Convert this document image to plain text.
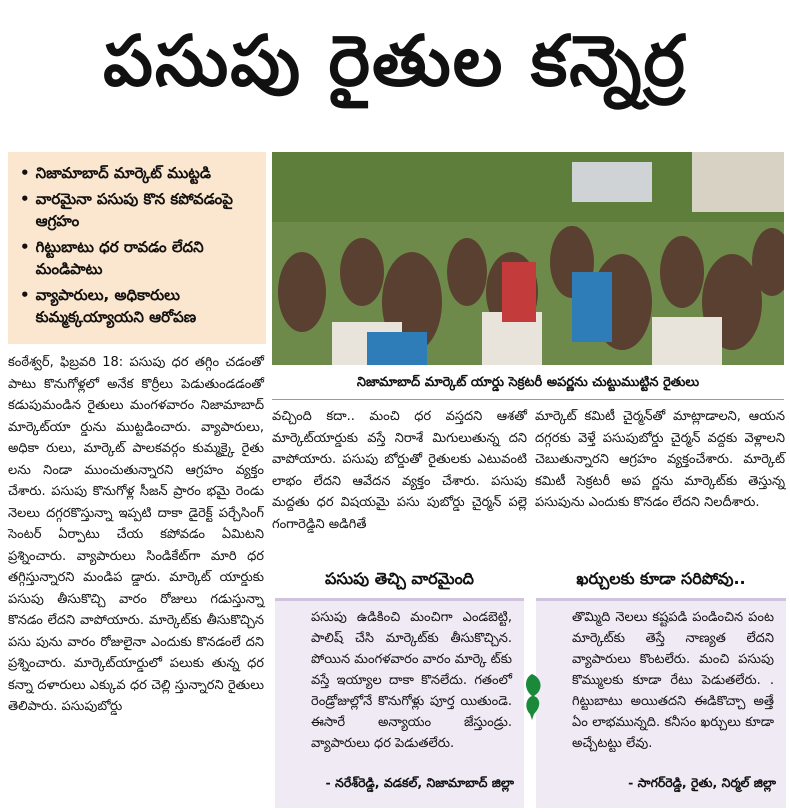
పసుపు రైతుల కన్నెర్ర
• నిజామాబాద్ మార్కెట్ ముట్టడి
• వారమైనా పసుపు కొన కపోవడంపై ఆగ్రహం
• గిట్టుబాటు ధర రావడం లేదని మండిపాటు
• వ్యాపారులు, అధికారులు కుమ్మక్కయ్యాయని ఆరోపణ
నిజామాబాద్ మార్కెట్ యార్డు సెక్రటరీ అపర్ణను చుట్టుముట్టిన రైతులు

కంఠేశ్వర్, ఫిబ్రవరి 18: పసుపు ధర తగ్గిం చడంతో పాటు కొనుగోళ్లలో అనేక కొర్రీలు పెడుతుండడంతో కడుపుమండిన రైతులు మంగళవారం నిజామాబాద్ మార్కెట్‌యా ర్డును ముట్టడించారు. వ్యాపారులు, అధికా రులు, మార్కెట్ పాలకవర్గం కుమ్మక్కై రైతు లను నిండా ముంచుతున్నారని ఆగ్రహం వ్యక్తం చేశారు. పసుపు కొనుగోళ్ల సీజన్ ప్రారం భమై రెండు నెలలు దగ్గరకొస్తున్నా ఇప్పటి దాకా డైరెక్ట్ పర్చేసింగ్ సెంటర్ ఏర్పాటు చేయ కపోవడం ఏమిటని ప్రశ్నించారు. వ్యాపారులు సిండికేట్‌గా మారి ధర తగ్గిస్తున్నారని మండిప డ్డారు. మార్కెట్ యార్డుకు పసుపు తీసుకొచ్చి వారం రోజులు గడుస్తున్నా కొనడం లేదని వాపోయారు. మార్కెట్‌కు తీసుకొచ్చిన పసు పును వారం రోజులైనా ఎందుకు కొనడంలే దని ప్రశ్నించారు. మార్కెట్‌యార్డులో పలుకు తున్న ధర కన్నా దళారులు ఎక్కువ ధర చెల్లి స్తున్నారని రైతులు తెలిపారు. పసుపుబోర్డు

వచ్చింది కదా.. మంచి ధర వస్తదని ఆశతో మార్కెట్‌యార్డుకు వస్తే నిరాశే మిగులుతున్న దని వాపోయారు. పసుపు బోర్డుతో రైతులకు ఎటువంటి లాభం లేదని ఆవేదన వ్యక్తం చేశారు. పసుపు మద్దతు ధర విషయమై పసు పుబోర్డు చైర్మన్ పల్లె గంగారెడ్డిని అడిగితే

మార్కెట్ కమిటీ చైర్మన్‌తో మాట్లాడాలని, ఆయన దగ్గరకు వెళ్తే పసుపుబోర్డు చైర్మన్ వద్దకు వెళ్లాలని చెబుతున్నారని ఆగ్రహం వ్యక్తంచేశారు. మార్కెట్ కమిటీ సెక్రటరీ అప ర్ణను మార్కెట్‌కు తెస్తున్న పసుపును ఎందుకు కొనడం లేదని నిలదీశారు.

పసుపు తెచ్చి వారమైంది
పసుపు ఉడికించి మంచిగా ఎండబెట్టి, పాలిష్ చేసి మార్కెట్‌కు తీసుకొచ్చిన. పోయిన మంగళవారం వారం మార్కె ట్‌కు వస్తే ఇయ్యాల దాకా కొనలేదు. గతంలో రెండ్రోజుల్లోనే కొనుగోళ్లు పూర్త యితుండె. ఈసారే అన్యాయం జేస్తుండ్రు. వ్యాపారులు ధర పెడుతలేరు.
- నరేశ్‌రెడ్డి, వడకల్, నిజామాబాద్ జిల్లా
ఖర్చులకు కూడా సరిపోవు..
తొమ్మిది నెలలు కష్టపడి పండించిన పంట మార్కెట్‌కు తెస్తే నాణ్యత లేదని వ్యాపారులు కొంటలేరు. మంచి పసుపు కొమ్ములకు కూడా రేటు పెడుతలేరు. . గిట్టుబాటు అయితదని ఈడికొచ్చా అత్తే ఏం లాభమున్నది. కనీసం ఖర్చులు కూడా అచ్చేటట్టు లేవు.
- సాగర్‌రెడ్డి, రైతు, నిర్మల్ జిల్లా
